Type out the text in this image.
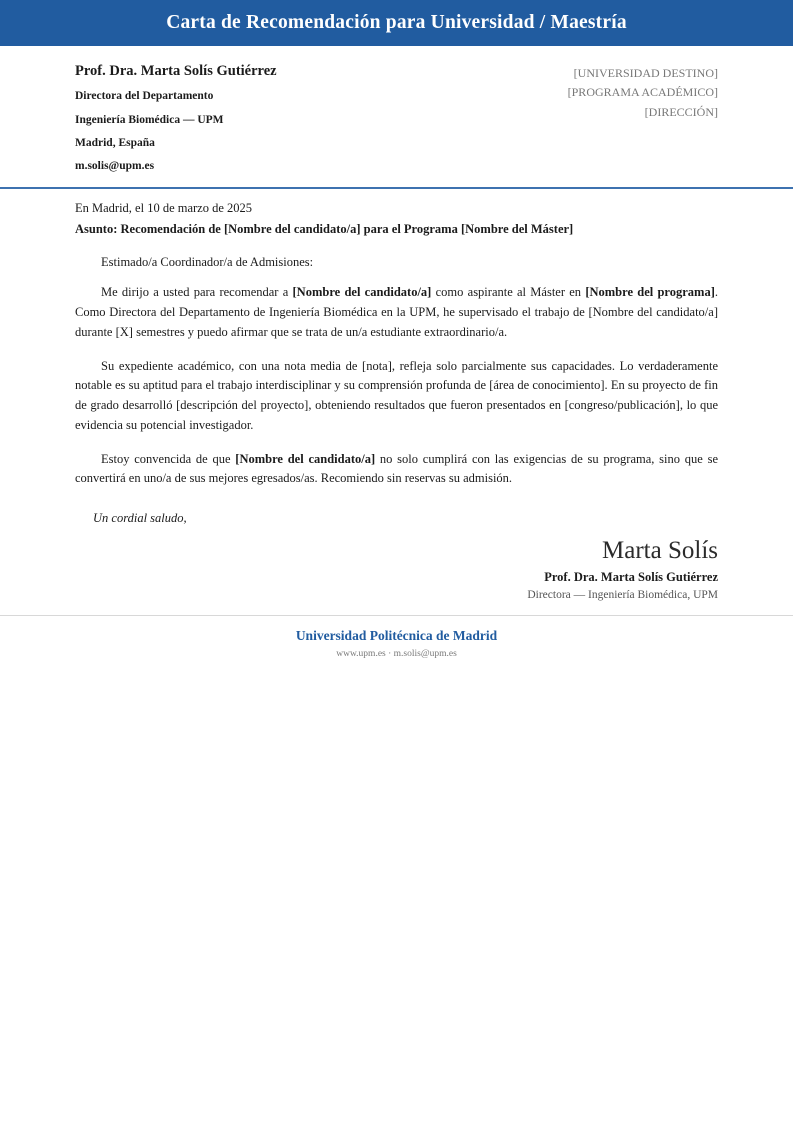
Carta de Recomendación para Universidad / Maestría

Prof. Dra. Marta Solís Gutiérrez

Directora del Departamento

Ingeniería Biomédica — UPM

Madrid, España

m.solis@upm.es

[UNIVERSIDAD DESTINO]

[PROGRAMA ACADÉMICO]

[DIRECCIÓN]

En Madrid, el 10 de marzo de 2025

Asunto: Recomendación de [Nombre del candidato/a] para el Programa [Nombre del Máster]

Estimado/a Coordinador/a de Admisiones:

Me dirijo a usted para recomendar a [Nombre del candidato/a] como aspirante al Máster en [Nombre del programa]. Como Directora del Departamento de Ingeniería Biomédica en la UPM, he supervisado el trabajo de [Nombre del candidato/a] durante [X] semestres y puedo afirmar que se trata de un/a estudiante extraordinario/a.

Su expediente académico, con una nota media de [nota], refleja solo parcialmente sus capacidades. Lo verdaderamente notable es su aptitud para el trabajo interdisciplinar y su comprensión profunda de [área de conocimiento]. En su proyecto de fin de grado desarrolló [descripción del proyecto], obteniendo resultados que fueron presentados en [congreso/publicación], lo que evidencia su potencial investigador.

Estoy convencida de que [Nombre del candidato/a] no solo cumplirá con las exigencias de su programa, sino que se convertirá en uno/a de sus mejores egresados/as. Recomiendo sin reservas su admisión.

Un cordial saludo,

Marta Solís

Prof. Dra. Marta Solís Gutiérrez

Directora — Ingeniería Biomédica, UPM

Universidad Politécnica de Madrid

www.upm.es · m.solis@upm.es
